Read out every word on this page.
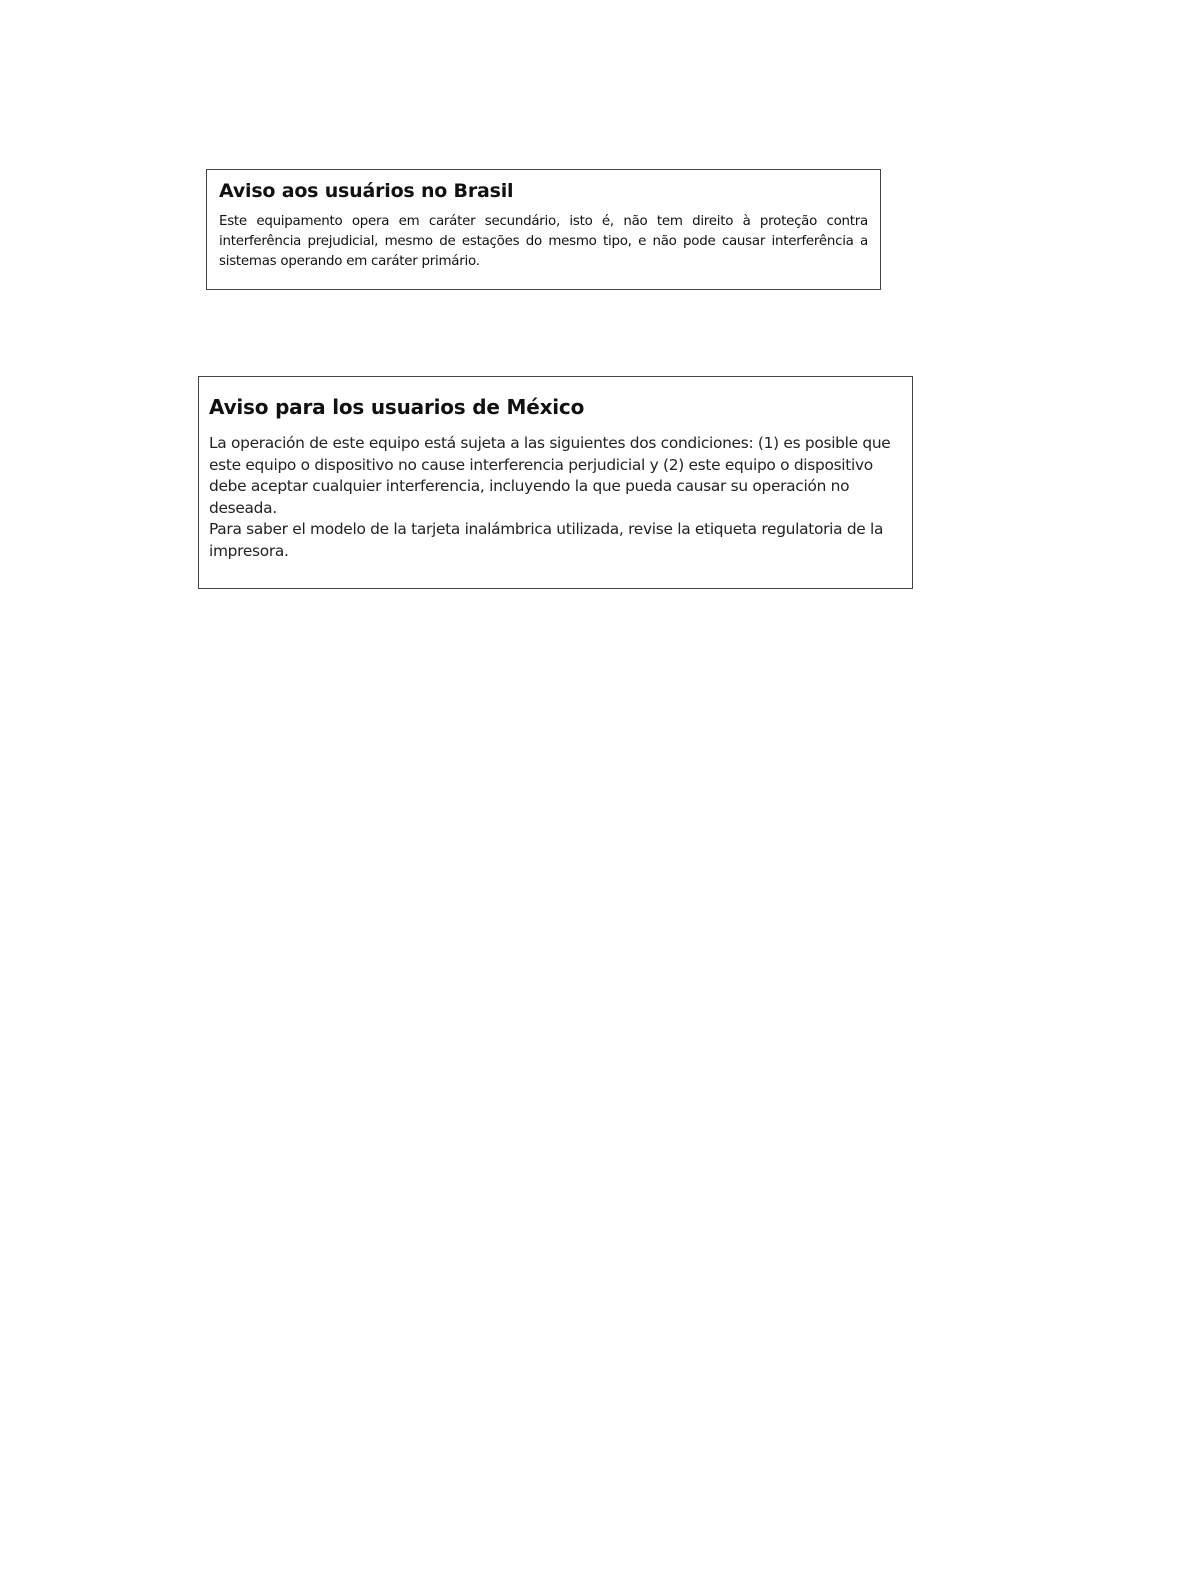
Aviso aos usuários no Brasil

Este equipamento opera em caráter secundário, isto é, não tem direito à proteção contra interferência prejudicial, mesmo de estações do mesmo tipo, e não pode causar interferência a sistemas operando em caráter primário.

Aviso para los usuarios de México

La operación de este equipo está sujeta a las siguientes dos condiciones: (1) es posible que este equipo o dispositivo no cause interferencia perjudicial y (2) este equipo o dispositivo debe aceptar cualquier interferencia, incluyendo la que pueda causar su operación no deseada.

Para saber el modelo de la tarjeta inalámbrica utilizada, revise la etiqueta regulatoria de la impresora.
